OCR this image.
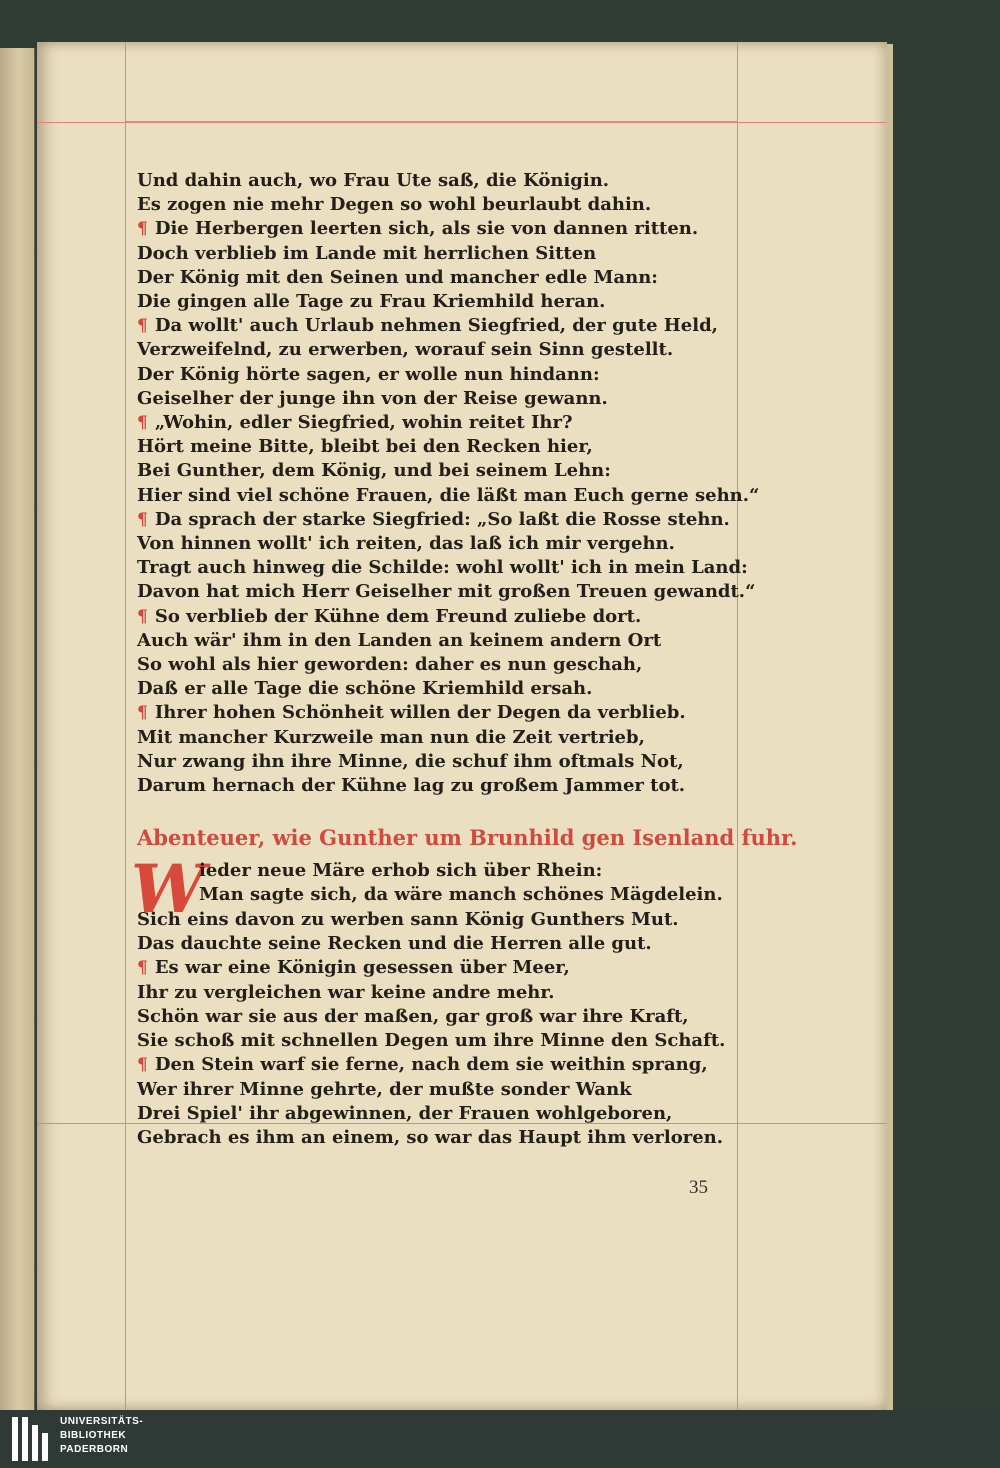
Abenteuer, wie Gunther um Brunhild gen Isenland fuhr.
W
35
Und dahin auch, wo Frau Ute saß, die Königin.
Es zogen nie mehr Degen so wohl beurlaubt dahin.
¶ Die Herbergen leerten sich, als sie von dannen ritten.
Doch verblieb im Lande mit herrlichen Sitten
Der König mit den Seinen und mancher edle Mann:
Die gingen alle Tage zu Frau Kriemhild heran.
¶ Da wollt' auch Urlaub nehmen Siegfried, der gute Held,
Verzweifelnd, zu erwerben, worauf sein Sinn gestellt.
Der König hörte sagen, er wolle nun hindann:
Geiselher der junge ihn von der Reise gewann.
¶ „Wohin, edler Siegfried, wohin reitet Ihr?
Hört meine Bitte, bleibt bei den Recken hier,
Bei Gunther, dem König, und bei seinem Lehn:
Hier sind viel schöne Frauen, die läßt man Euch gerne sehn.“
¶ Da sprach der starke Siegfried: „So laßt die Rosse stehn.
Von hinnen wollt' ich reiten, das laß ich mir vergehn.
Tragt auch hinweg die Schilde: wohl wollt' ich in mein Land:
Davon hat mich Herr Geiselher mit großen Treuen gewandt.“
¶ So verblieb der Kühne dem Freund zuliebe dort.
Auch wär' ihm in den Landen an keinem andern Ort
So wohl als hier geworden: daher es nun geschah,
Daß er alle Tage die schöne Kriemhild ersah.
¶ Ihrer hohen Schönheit willen der Degen da verblieb.
Mit mancher Kurzweile man nun die Zeit vertrieb,
Nur zwang ihn ihre Minne, die schuf ihm oftmals Not,
Darum hernach der Kühne lag zu großem Jammer tot.
ieder neue Märe erhob sich über Rhein:
Man sagte sich, da wäre manch schönes Mägdelein.
Sich eins davon zu werben sann König Gunthers Mut.
Das dauchte seine Recken und die Herren alle gut.
¶ Es war eine Königin gesessen über Meer,
Ihr zu vergleichen war keine andre mehr.
Schön war sie aus der maßen, gar groß war ihre Kraft,
Sie schoß mit schnellen Degen um ihre Minne den Schaft.
¶ Den Stein warf sie ferne, nach dem sie weithin sprang,
Wer ihrer Minne gehrte, der mußte sonder Wank
Drei Spiel' ihr abgewinnen, der Frauen wohlgeboren,
Gebrach es ihm an einem, so war das Haupt ihm verloren.
UNIVERSITÄTS-
BIBLIOTHEK
PADERBORN
